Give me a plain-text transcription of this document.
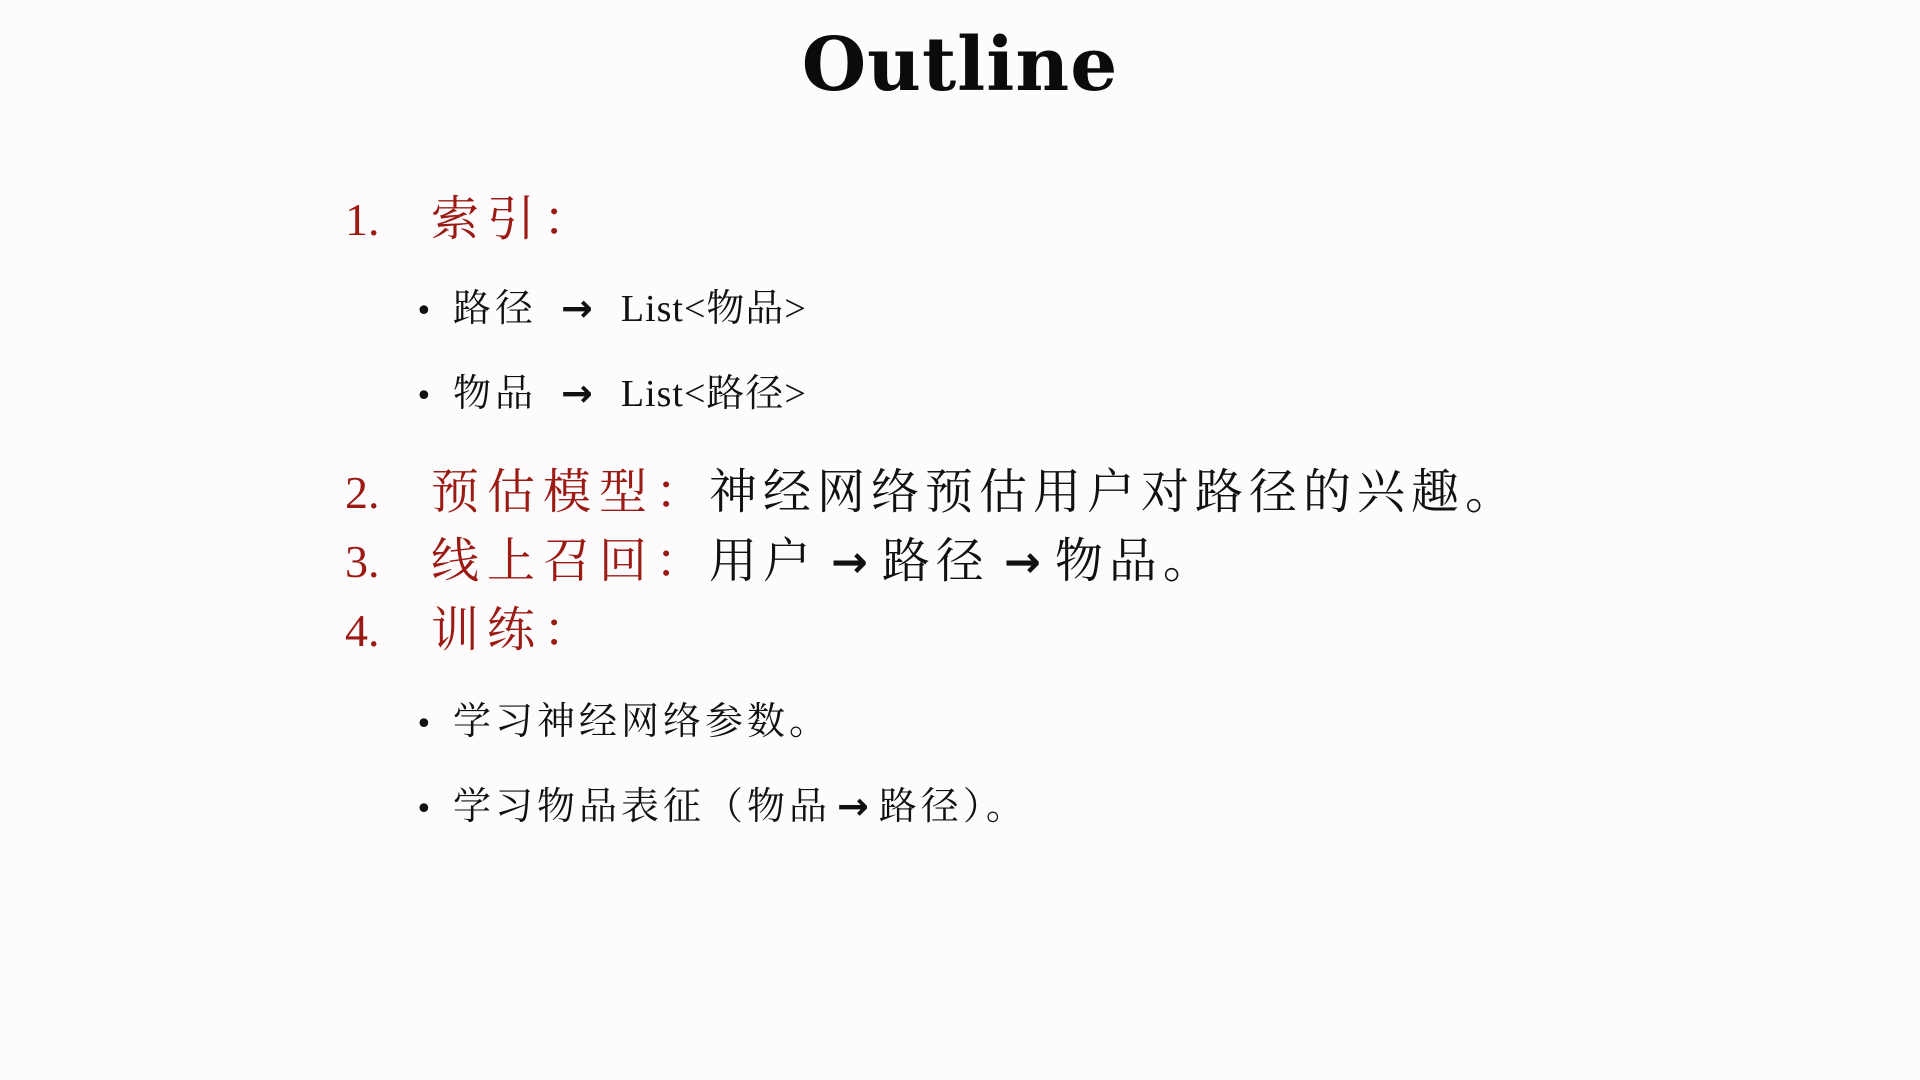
Outline
1.	索引 ：
• 路径 → List<物品>
• 物品 → List<路径>
2.	预估模型 ： 神经网络预估用户对路径的兴趣。
3.	线上召回 ： 用户 → 路径 → 物品 。
4.	训练 ：
• 学习神经网络参数。
• 学习物品表征（物品 → 路径）。
